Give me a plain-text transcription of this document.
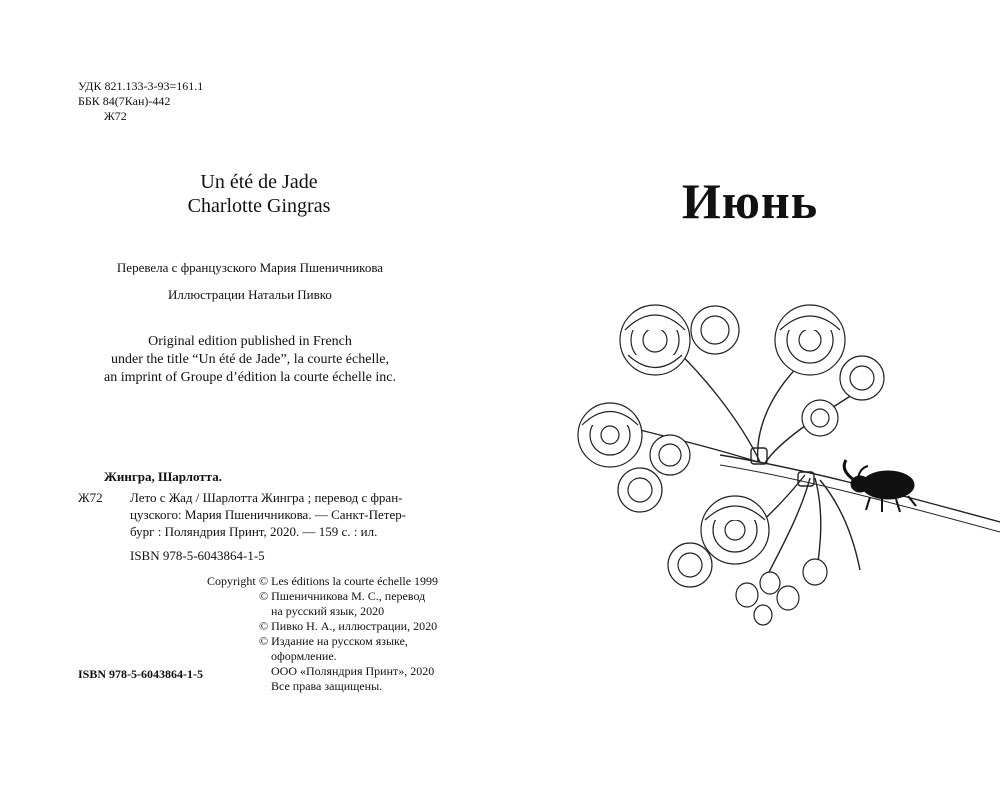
УДК 821.133-3-93=161.1
ББК 84(7Кан)-442
Ж72
Un été de Jade
Charlotte Gingras
Перевела с французского Мария Пшеничникова
Иллюстрации Натальи Пивко
Original edition published in French
under the title “Un été de Jade”, la courte échelle,
an imprint of Groupe d’édition la courte échelle inc.
Жингра, Шарлотта.
Ж72 Лето с Жад / Шарлотта Жингра ; перевод с фран-
цузского: Мария Пшеничникова. — Санкт-Петер-
бург : Поляндрия Принт, 2020. — 159 с. : ил.
ISBN 978-5-6043864-1-5
Copyright © Les éditions la courte échelle 1999
© Пшеничникова М. С., перевод
на русский язык, 2020
© Пивко Н. А., иллюстрации, 2020
© Издание на русском языке,
оформление.
ООО «Поляндрия Принт», 2020
Все права защищены.
ISBN 978-5-6043864-1-5
Июнь
